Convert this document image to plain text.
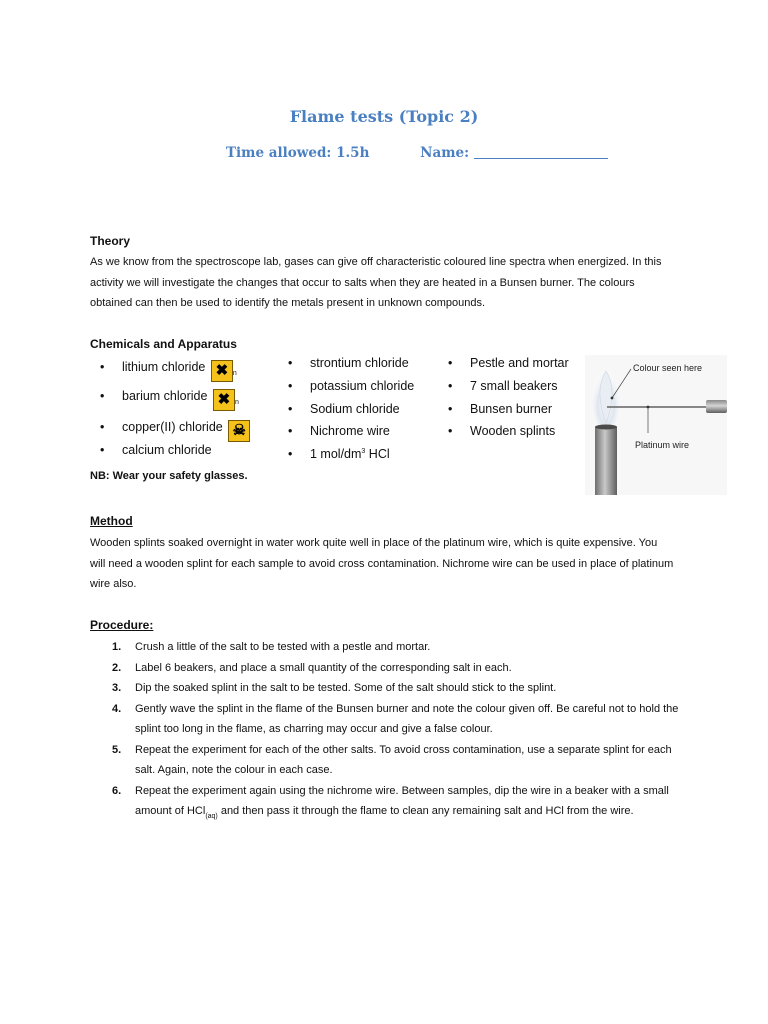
Flame tests (Topic 2)
Time allowed: 1.5h	Name:
Theory
As we know from the spectroscope lab, gases can give off characteristic coloured line spectra when energized. In this activity we will investigate the changes that occur to salts when they are heated in a Bunsen burner. The colours obtained can then be used to identify the metals present in unknown compounds.
Chemicals and Apparatus
• lithium chloride ✖ $_n$
• barium chloride ✖ $_n$
• copper(II) chloride ☠
• calcium chloride
• strontium chloride
• potassium chloride
• Sodium chloride
• Nichrome wire
• 1 mol/$dm^3$ HCl
• Pestle and mortar
• 7 small beakers
• Bunsen burner
• Wooden splints
NB: Wear your safety glasses.
Colour seen here
Platinum wire
Method
Wooden splints soaked overnight in water work quite well in place of the platinum wire, which is quite expensive. You will need a wooden splint for each sample to avoid cross contamination. Nichrome wire can be used in place of platinum wire also.
Procedure:
1. Crush a little of the salt to be tested with a pestle and mortar.
2. Label 6 beakers, and place a small quantity of the corresponding salt in each.
3. Dip the soaked splint in the salt to be tested. Some of the salt should stick to the splint.
4. Gently wave the splint in the flame of the Bunsen burner and note the colour given off. Be careful not to hold the splint too long in the flame, as charring may occur and give a false colour.
5. Repeat the experiment for each of the other salts. To avoid cross contamination, use a separate splint for each salt. Again, note the colour in each case.
6. Repeat the experiment again using the nichrome wire. Between samples, dip the wire in a beaker with a small amount of HCl$_{(aq)}$ and then pass it through the flame to clean any remaining salt and HCl from the wire.
